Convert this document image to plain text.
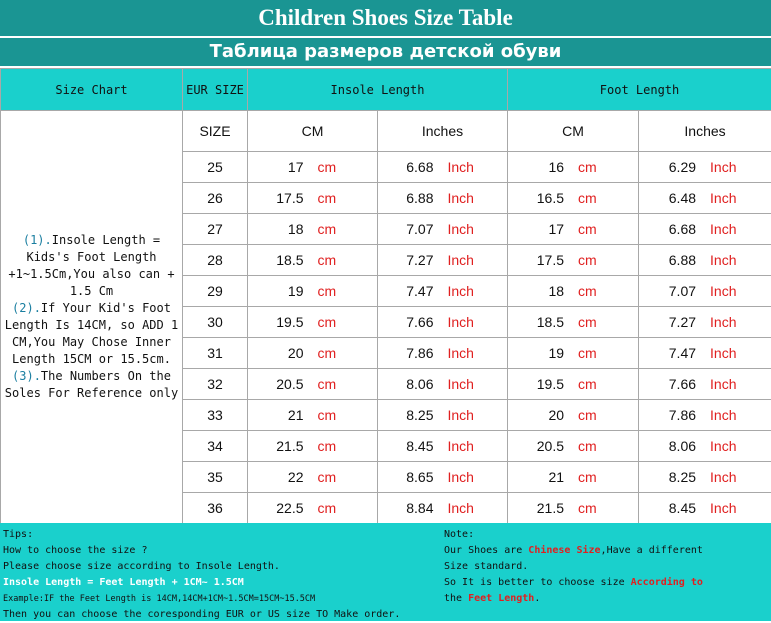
Children Shoes Size Table
Таблица размеров детской обуви
Size Chart	EUR SIZE	Insole Length		Foot Length	
(1).Insole Length = Kids's Foot Length +1~1.5Cm,You also can + 1.5 Cm
(2).If Your Kid's Foot Length Is 14CM, so ADD 1 CM,You May Chose Inner Length 15CM or 15.5cm.
(3).The Numbers On the Soles For Reference only	SIZE	CM	Inches	CM	Inches
	25	17 cm	6.68 Inch	16 cm	6.29 Inch
	26	17.5 cm	6.88 Inch	16.5 cm	6.48 Inch
	27	18 cm	7.07 Inch	17 cm	6.68 Inch
	28	18.5 cm	7.27 Inch	17.5 cm	6.88 Inch
	29	19 cm	7.47 Inch	18 cm	7.07 Inch
	30	19.5 cm	7.66 Inch	18.5 cm	7.27 Inch
	31	20 cm	7.86 Inch	19 cm	7.47 Inch
	32	20.5 cm	8.06 Inch	19.5 cm	7.66 Inch
	33	21 cm	8.25 Inch	20 cm	7.86 Inch
	34	21.5 cm	8.45 Inch	20.5 cm	8.06 Inch
	35	22 cm	8.65 Inch	21 cm	8.25 Inch
	36	22.5 cm	8.84 Inch	21.5 cm	8.45 Inch
Tips:
How to choose the size ?
Please choose size according to Insole Length.
Insole Length = Feet Length + 1CM~ 1.5CM
Example:IF the Feet Length is 14CM,14CM+1CM~1.5CM=15CM~15.5CM
Then you can choose the coresponding EUR or US size TO Make order.
Note:
Our Shoes are Chinese Size,Have a different
Size standard.
So It is better to choose size According to
the Feet Length.
